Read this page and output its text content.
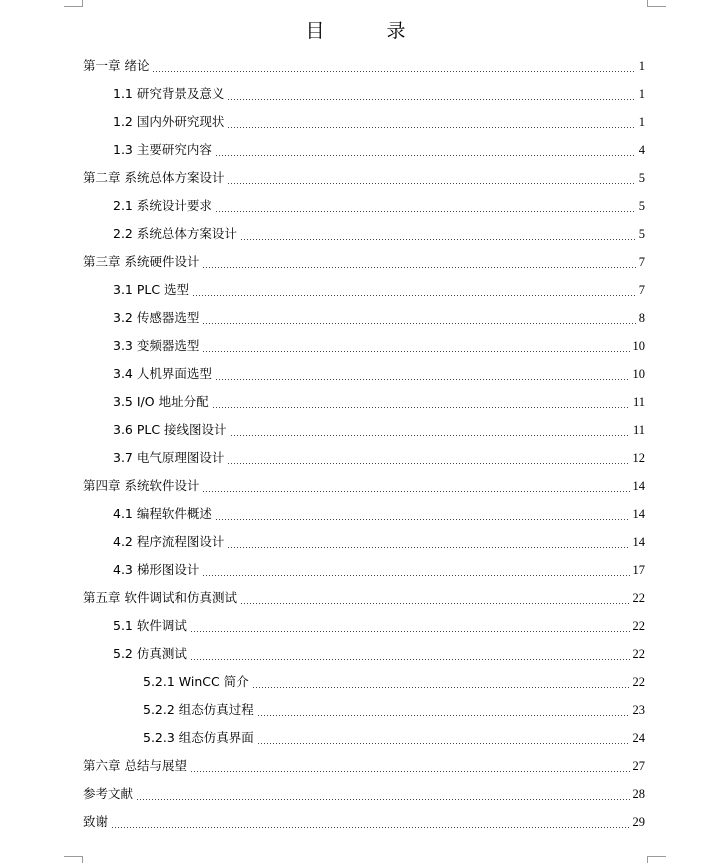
目 录
第一章 绪论	1
1.1 研究背景及意义	1
1.2 国内外研究现状	1
1.3 主要研究内容	4
第二章 系统总体方案设计	5
2.1 系统设计要求	5
2.2 系统总体方案设计	5
第三章 系统硬件设计	7
3.1 PLC 选型	7
3.2 传感器选型	8
3.3 变频器选型	10
3.4 人机界面选型	10
3.5 I/O 地址分配	11
3.6 PLC 接线图设计	11
3.7 电气原理图设计	12
第四章 系统软件设计	14
4.1 编程软件概述	14
4.2 程序流程图设计	14
4.3 梯形图设计	17
第五章 软件调试和仿真测试	22
5.1 软件调试	22
5.2 仿真测试	22
5.2.1 WinCC 简介	22
5.2.2 组态仿真过程	23
5.2.3 组态仿真界面	24
第六章 总结与展望	27
参考文献	28
致谢	29
